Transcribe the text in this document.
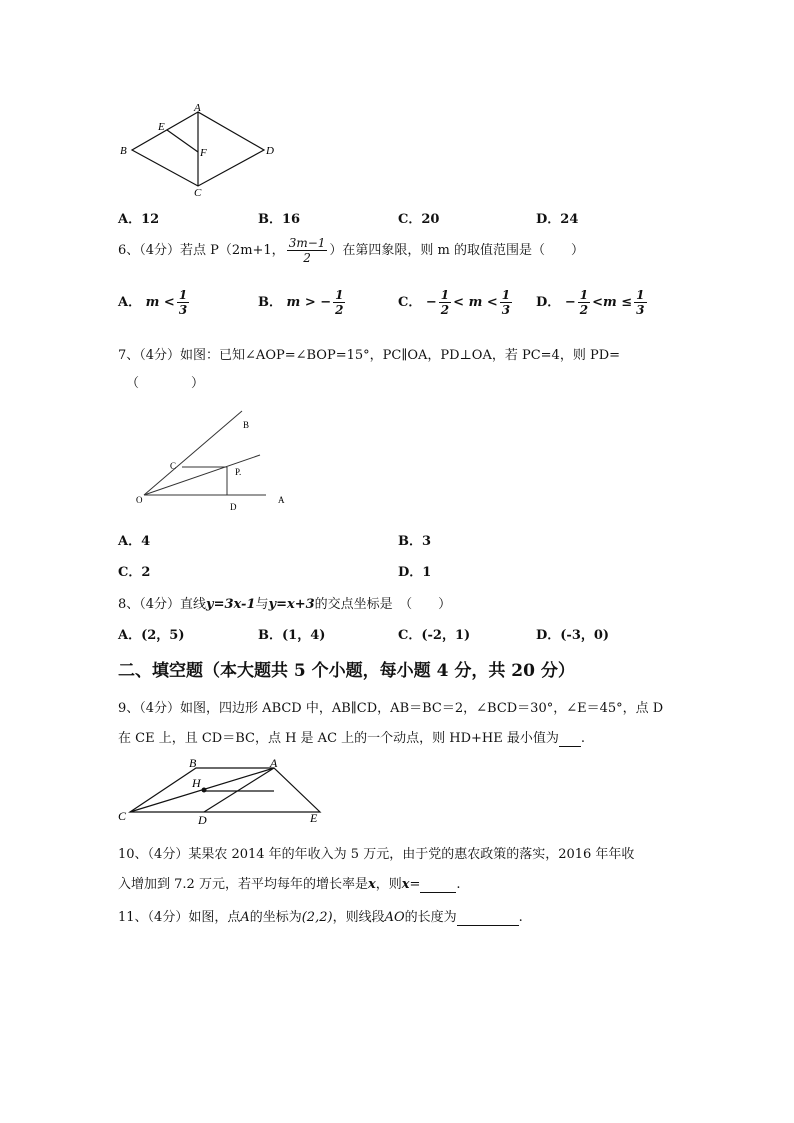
A
B
C
D
E
F
A．12	B．16	C．20	D．24
6、（4分）若点 P（2m+1， $\frac{3m-1}{2}$ ）在第四象限，则 m 的取值范围是（　　）
A． $m < \frac{1}{3}$	B． m > − $\frac{1}{2}$	C． − $\frac{1}{2} < m < \frac{1}{3}$ D． − $\frac{1}{2} <m \le \frac{1}{3}$
7、（4分）如图：已知∠AOP=∠BOP=15°，PC∥OA，PD⊥OA，若 PC=4，则 PD=
（　　　　）
B
C
P.
O
D
A
A．4	B．3
C．2	D．1
8、（4分）直线y=3x-1与y=x+3的交点坐标是　（　　）
A．(2，5)	B．(1，4)	C．(-2，1)	D．(-3，0)
二、填空题（本大题共 5 个小题，每小题 4 分，共 20 分）
9、（4分）如图，四边形 ABCD 中，AB∥CD，AB＝BC＝2，∠BCD＝30°，∠E＝45°，点 D
在 CE 上，且 CD＝BC，点 H 是 AC 上的一个动点，则 HD+HE 最小值为 .
B	A
H
C	D	E
10、（4分）某果农 2014 年的年收入为 5 万元，由于党的惠农政策的落实，2016 年年收
入增加到 7.2 万元，若平均每年的增长率是x，则x=	.
11、（4分）如图，点A的坐标为(2,2)，则线段AO的长度为	.
